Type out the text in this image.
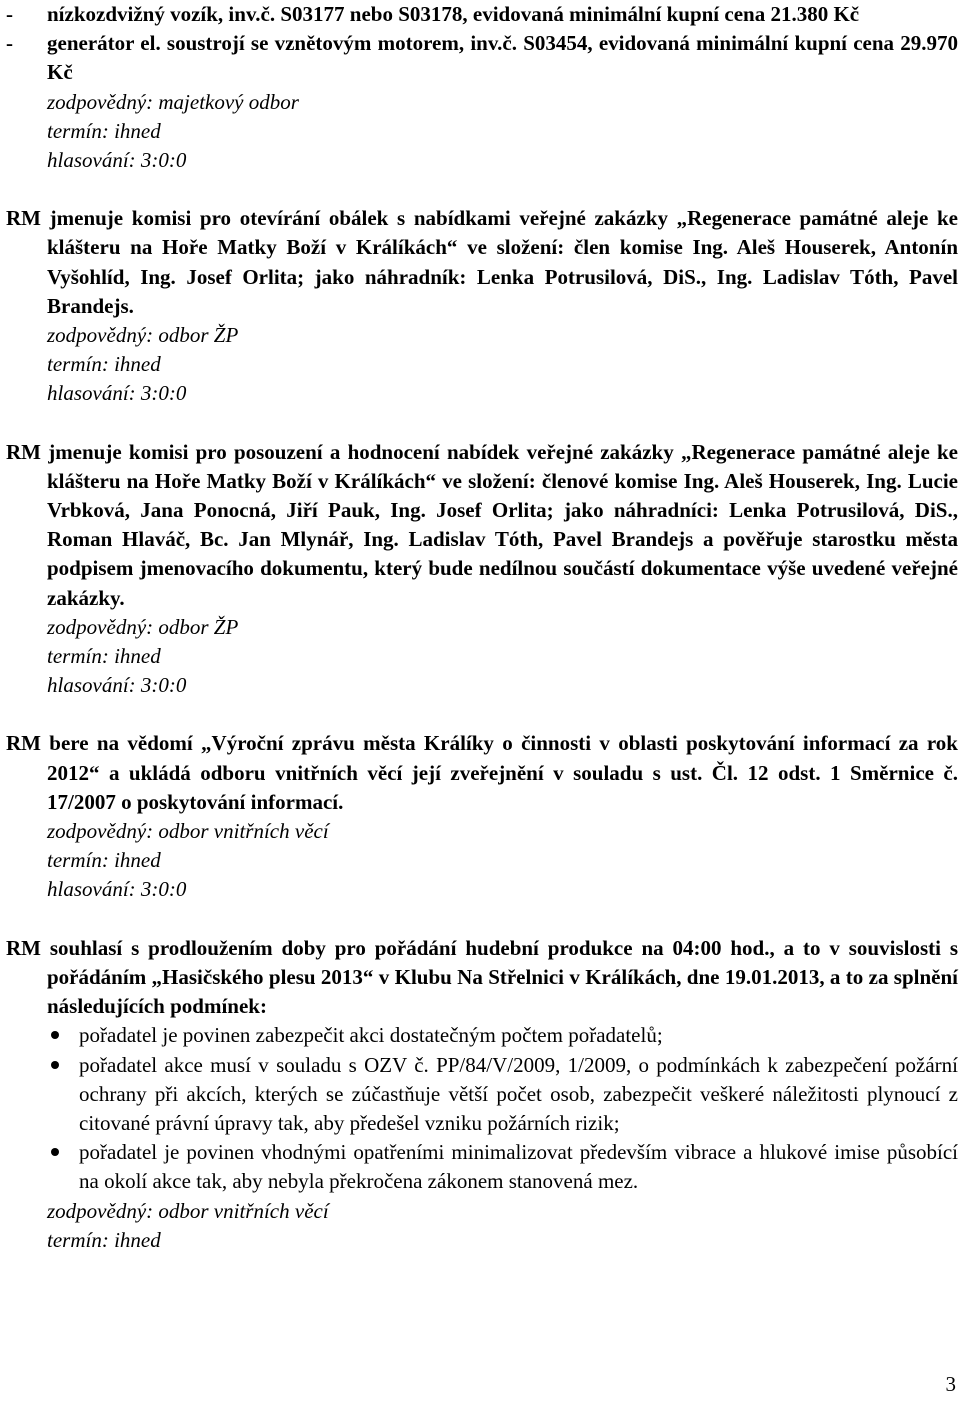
- nízkozdvižný vozík, inv.č. S03177 nebo S03178, evidovaná minimální kupní cena 21.380 Kč
- generátor el. soustrojí se vznětovým motorem, inv.č. S03454, evidovaná minimální kupní cena 29.970 Kč
zodpovědný: majetkový odbor
termín: ihned
hlasování: 3:0:0
RM jmenuje komisi pro otevírání obálek s nabídkami veřejné zakázky „Regenerace památné aleje ke klášteru na Hoře Matky Boží v Králíkách“ ve složení: člen komise Ing. Aleš Houserek, Antonín Vyšohlíd, Ing. Josef Orlita; jako náhradník: Lenka Potrusilová, DiS., Ing. Ladislav Tóth, Pavel Brandejs.
zodpovědný: odbor ŽP
termín: ihned
hlasování: 3:0:0
RM jmenuje komisi pro posouzení a hodnocení nabídek veřejné zakázky „Regenerace památné aleje ke klášteru na Hoře Matky Boží v Králíkách“ ve složení: členové komise Ing. Aleš Houserek, Ing. Lucie Vrbková, Jana Ponocná, Jiří Pauk, Ing. Josef Orlita; jako náhradníci: Lenka Potrusilová, DiS., Roman Hlaváč, Bc. Jan Mlynář, Ing. Ladislav Tóth, Pavel Brandejs a pověřuje starostku města podpisem jmenovacího dokumentu, který bude nedílnou součástí dokumentace výše uvedené veřejné zakázky.
zodpovědný: odbor ŽP
termín: ihned
hlasování: 3:0:0
RM bere na vědomí „Výroční zprávu města Králíky o činnosti v oblasti poskytování informací za rok 2012“ a ukládá odboru vnitřních věcí její zveřejnění v souladu s ust. Čl. 12 odst. 1 Směrnice č. 17/2007 o poskytování informací.
zodpovědný: odbor vnitřních věcí
termín: ihned
hlasování: 3:0:0
RM souhlasí s prodloužením doby pro pořádání hudební produkce na 04:00 hod., a to v souvislosti s pořádáním „Hasičského plesu 2013“ v Klubu Na Střelnici v Králíkách, dne 19.01.2013, a to za splnění následujících podmínek:
pořadatel je povinen zabezpečit akci dostatečným počtem pořadatelů;
pořadatel akce musí v souladu s OZV č. PP/84/V/2009, 1/2009, o podmínkách k zabezpečení požární ochrany při akcích, kterých se zúčastňuje větší počet osob, zabezpečit veškeré náležitosti plynoucí z citované právní úpravy tak, aby předešel vzniku požárních rizik;
pořadatel je povinen vhodnými opatřeními minimalizovat především vibrace a hlukové imise působící na okolí akce tak, aby nebyla překročena zákonem stanovená mez.
zodpovědný: odbor vnitřních věcí
termín: ihned
3
